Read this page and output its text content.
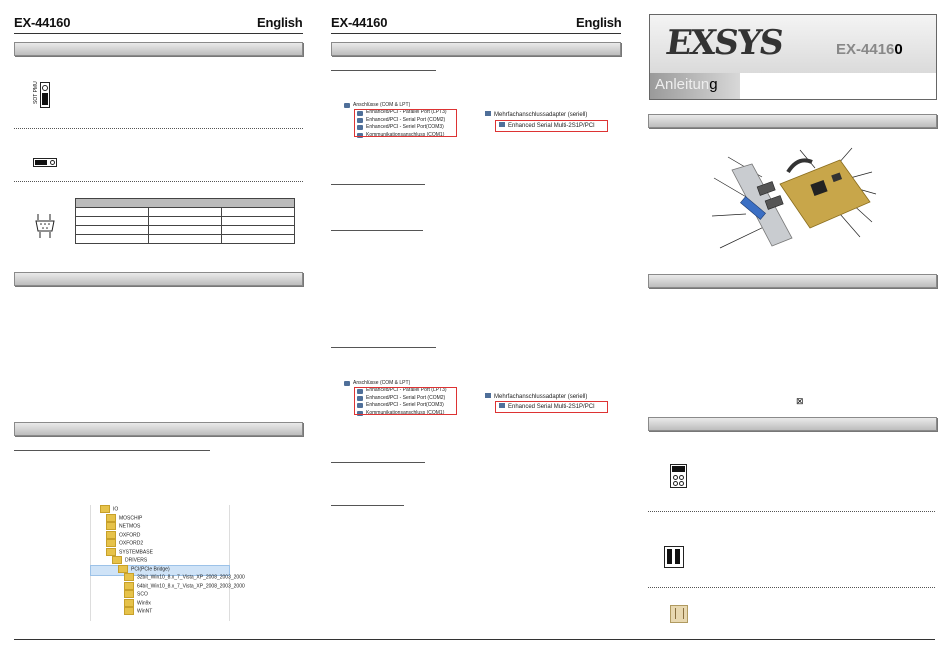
EX-44160	English
SOT PMU

IO
MOSCHIP
NETMOS
OXFORD
OXFORD2
SYSTEMBASE
DRIVERS
PCI(PCIe Bridge)
32bit_Win10_8.x_7_Vista_XP_2008_2003_2000
64bit_Win10_8.x_7_Vista_XP_2008_2003_2000
SCO
Win9x
WinNT
EX-44160	English
Anschlüsse (COM & LPT)
Enhanced/PCI - Parallel Port (LPT3)
Enhanced/PCI - Serial Port (COM2)
Enhanced/PCI - Seriel Port(COM3)
Kommunikationsanschluss (COM1)
Mehrfachanschlussadapter (seriell)
Enhanced Serial Multi-2S1P/PCI
Anschlüsse (COM & LPT)
Enhanced/PCI - Parallel Port (LPT3)
Enhanced/PCI - Serial Port (COM2)
Enhanced/PCI - Seriel Port(COM3)
Kommunikationsanschluss (COM1)
Mehrfachanschlussadapter (seriell)
Enhanced Serial Multi-2S1P/PCI
EXSYS	EX-44160
Anleitung
⊠
